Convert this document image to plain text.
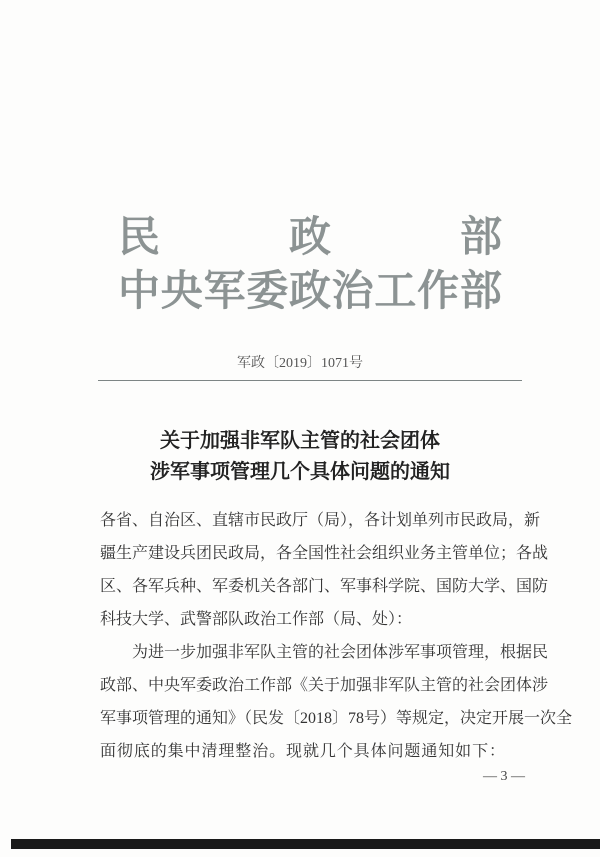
民	政	部
中 央 军 委 政 治 工 作 部
军政〔2019〕1071号
关于加强非军队主管的社会团体
涉军事项管理几个具体问题的通知
各省、自治区、直辖市民政厅（局），各计划单列市民政局，新
疆生产建设兵团民政局，各全国性社会组织业务主管单位；各战
区、各军兵种、军委机关各部门、军事科学院、国防大学、国防
科技大学、武警部队政治工作部（局、处）：
为进一步加强非军队主管的社会团体涉军事项管理，根据民
政部、中央军委政治工作部《关于加强非军队主管的社会团体涉
军事项管理的通知》（民发〔2018〕78号）等规定，决定开展一次全
面彻底的集中清理整治。现就几个具体问题通知如下：
— 3 —
